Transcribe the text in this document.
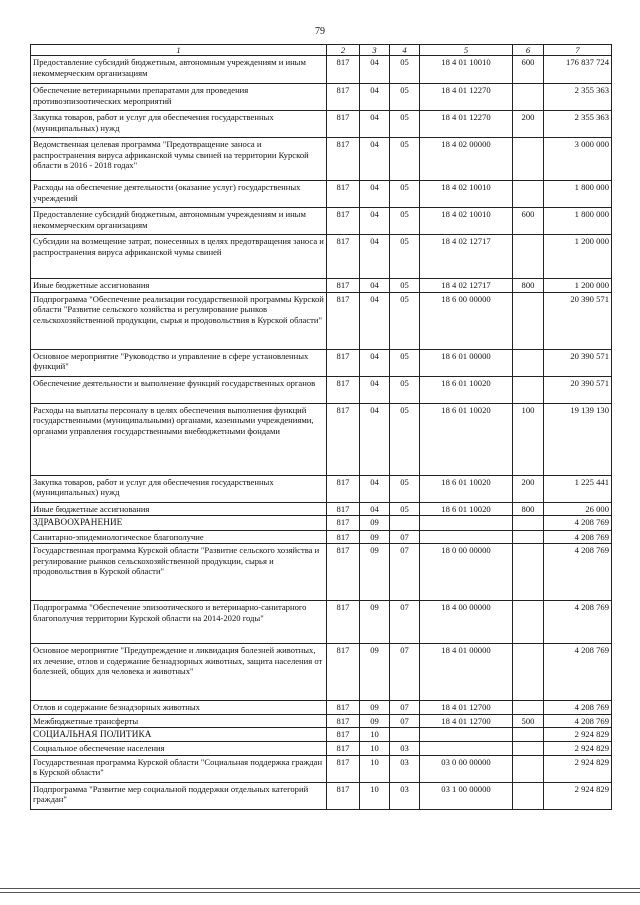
79
1	2	3	4	5	6	7
Предоставление субсидий бюджетным, автономным учреждениям и иным некоммерческим организациям	817	04	05	18 4 01 10010	600	176 837 724
Обеспечение ветеринарными препаратами для проведения противоэпизоотических мероприятий	817	04	05	18 4 01 12270		2 355 363
Закупка товаров, работ и услуг для обеспечения государственных (муниципальных) нужд	817	04	05	18 4 01 12270	200	2 355 363
Ведомственная целевая программа "Предотвращение заноса и распространения вируса африканской чумы свиней на территории Курской области в 2016 - 2018 годах"	817	04	05	18 4 02 00000		3 000 000
Расходы на обеспечение деятельности (оказание услуг) государственных учреждений	817	04	05	18 4 02 10010		1 800 000
Предоставление субсидий бюджетным, автономным учреждениям и иным некоммерческим организациям	817	04	05	18 4 02 10010	600	1 800 000
Субсидии на возмещение затрат, понесенных в целях предотвращения заноса и распространения вируса африканской чумы свиней	817	04	05	18 4 02 12717		1 200 000
Иные бюджетные ассигнования	817	04	05	18 4 02 12717	800	1 200 000
Подпрограмма "Обеспечение реализации государственной программы Курской области "Развитие сельского хозяйства и регулирование рынков сельскохозяйственной продукции, сырья и продовольствия в Курской области"	817	04	05	18 6 00 00000		20 390 571
Основное мероприятие "Руководство и управление в сфере установленных функций"	817	04	05	18 6 01 00000		20 390 571
Обеспечение деятельности и выполнение функций государственных органов	817	04	05	18 6 01 10020		20 390 571
Расходы на выплаты персоналу в целях обеспечения выполнения функций государственными (муниципальными) органами, казенными учреждениями, органами управления государственными внебюджетными фондами	817	04	05	18 6 01 10020	100	19 139 130
Закупка товаров, работ и услуг для обеспечения государственных (муниципальных) нужд	817	04	05	18 6 01 10020	200	1 225 441
Иные бюджетные ассигнования	817	04	05	18 6 01 10020	800	26 000
ЗДРАВООХРАНЕНИЕ	817	09				4 208 769
Санитарно-эпидемиологическое благополучие	817	09	07			4 208 769
Государственная программа Курской области "Развитие сельского хозяйства и регулирование рынков сельскохозяйственной продукции, сырья и продовольствия в Курской области"	817	09	07	18 0 00 00000		4 208 769
Подпрограмма "Обеспечение эпизоотического и ветеринарно-санитарного благополучия территории Курской области на 2014-2020 годы"	817	09	07	18 4 00 00000		4 208 769
Основное мероприятие "Предупреждение и ликвидация болезней животных, их лечение, отлов и содержание безнадзорных животных, защита населения от болезней, общих для человека и животных"	817	09	07	18 4 01 00000		4 208 769
Отлов и содержание безнадзорных животных	817	09	07	18 4 01 12700		4 208 769
Межбюджетные трансферты	817	09	07	18 4 01 12700	500	4 208 769
СОЦИАЛЬНАЯ ПОЛИТИКА	817	10				2 924 829
Социальное обеспечение населения	817	10	03			2 924 829
Государственная программа Курской области "Социальная поддержка граждан в Курской области"	817	10	03	03 0 00 00000		2 924 829
Подпрограмма "Развитие мер социальной поддержки отдельных категорий граждан"	817	10	03	03 1 00 00000		2 924 829
